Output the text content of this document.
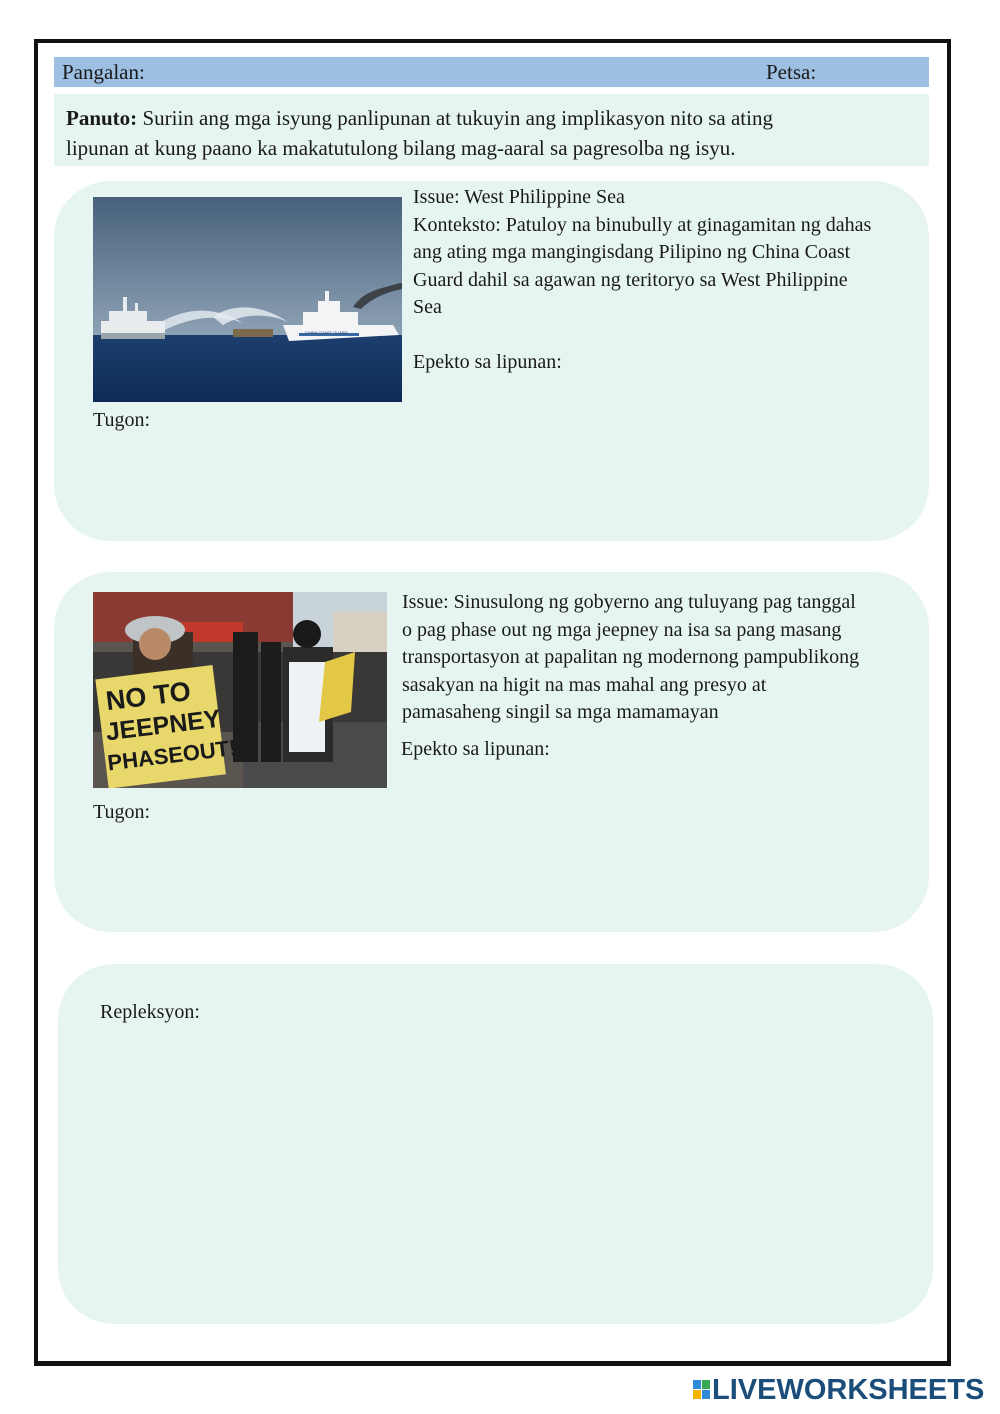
Pangalan:	Petsa:
Panuto: Suriin ang mga isyung panlipunan at tukuyin ang implikasyon nito sa ating
lipunan at kung paano ka makatutulong bilang mag-aaral sa pagresolba ng isyu.
CHINA COAST GUARD
Issue: West Philippine Sea
Konteksto: Patuloy na binubully at ginagamitan ng dahas
ang ating mga mangingisdang Pilipino ng China Coast
Guard dahil sa agawan ng teritoryo sa West Philippine
Sea
Epekto sa lipunan:
Tugon:
NO TO
JEEPNEY
PHASEOUT!
Issue: Sinusulong ng gobyerno ang tuluyang pag tanggal
o pag phase out ng mga jeepney na isa sa pang masang
transportasyon at papalitan ng modernong pampublikong
sasakyan na higit na mas mahal ang presyo at
pamasaheng singil sa mga mamamayan
Epekto sa lipunan:
Tugon:
Repleksyon:
LIVEWORKSHEETS
